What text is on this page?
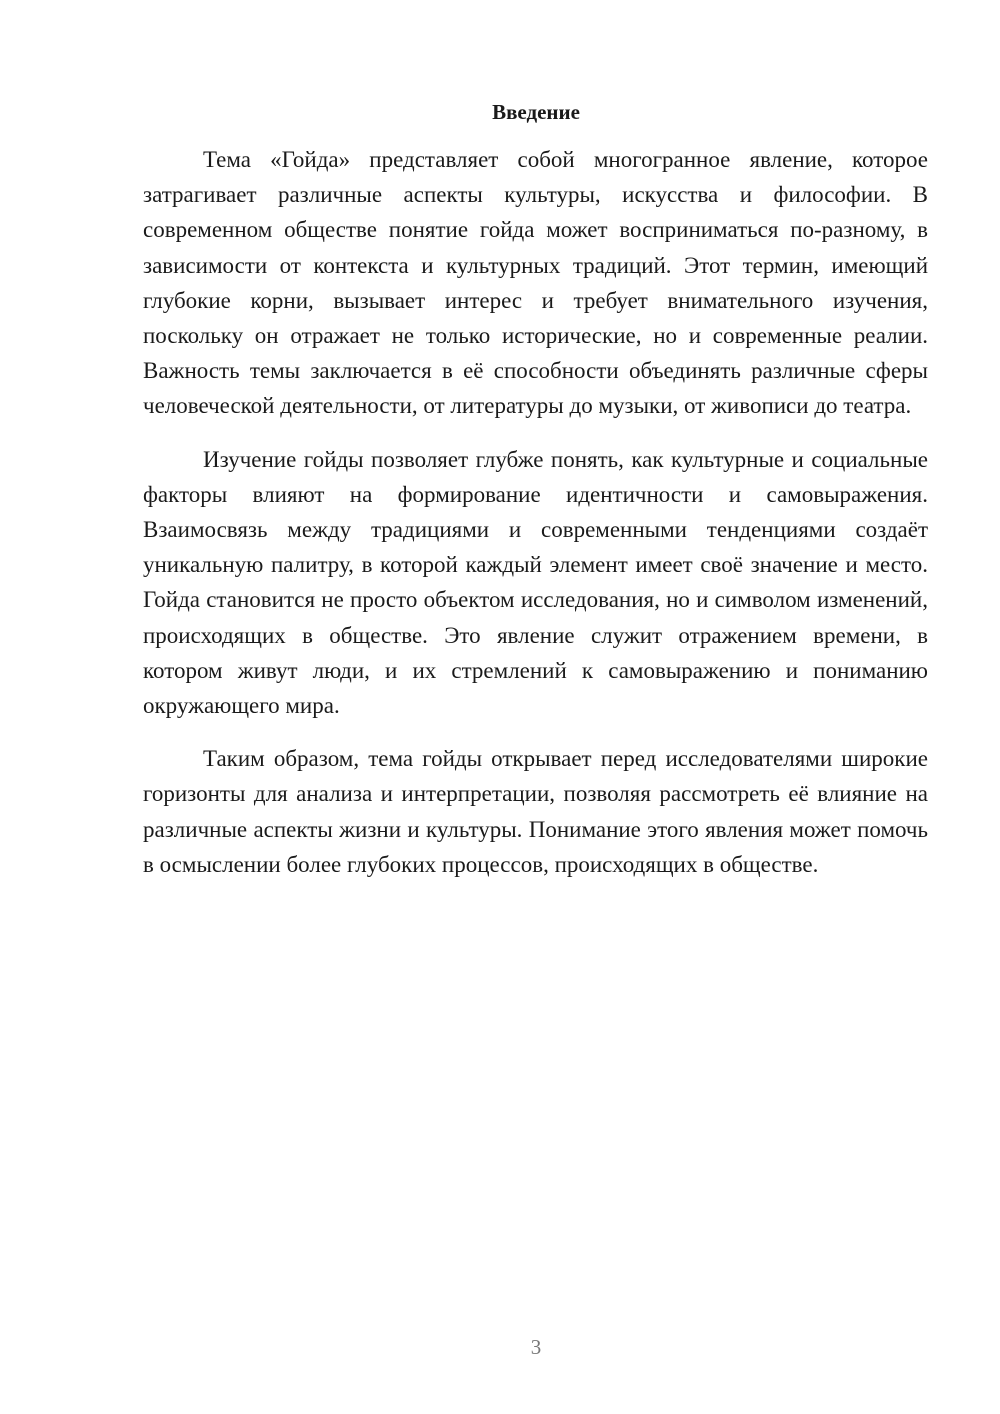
Введение

Тема «Гойда» представляет собой многогранное явление, которое затрагивает различные аспекты культуры, искусства и философии. В современном обществе понятие гойда может восприниматься по-разному, в зависимости от контекста и культурных традиций. Этот термин, имеющий глубокие корни, вызывает интерес и требует внимательного изучения, поскольку он отражает не только исторические, но и современные реалии. Важность темы заключается в её способности объединять различные сферы человеческой деятельности, от литературы до музыки, от живописи до театра.

Изучение гойды позволяет глубже понять, как культурные и социальные факторы влияют на формирование идентичности и самовыражения. Взаимосвязь между традициями и современными тенденциями создаёт уникальную палитру, в которой каждый элемент имеет своё значение и место. Гойда становится не просто объектом исследования, но и символом изменений, происходящих в обществе. Это явление служит отражением времени, в котором живут люди, и их стремлений к самовыражению и пониманию окружающего мира.

Таким образом, тема гойды открывает перед исследователями широкие горизонты для анализа и интерпретации, позволяя рассмотреть её влияние на различные аспекты жизни и культуры. Понимание этого явления может помочь в осмыслении более глубоких процессов, происходящих в обществе.

3
